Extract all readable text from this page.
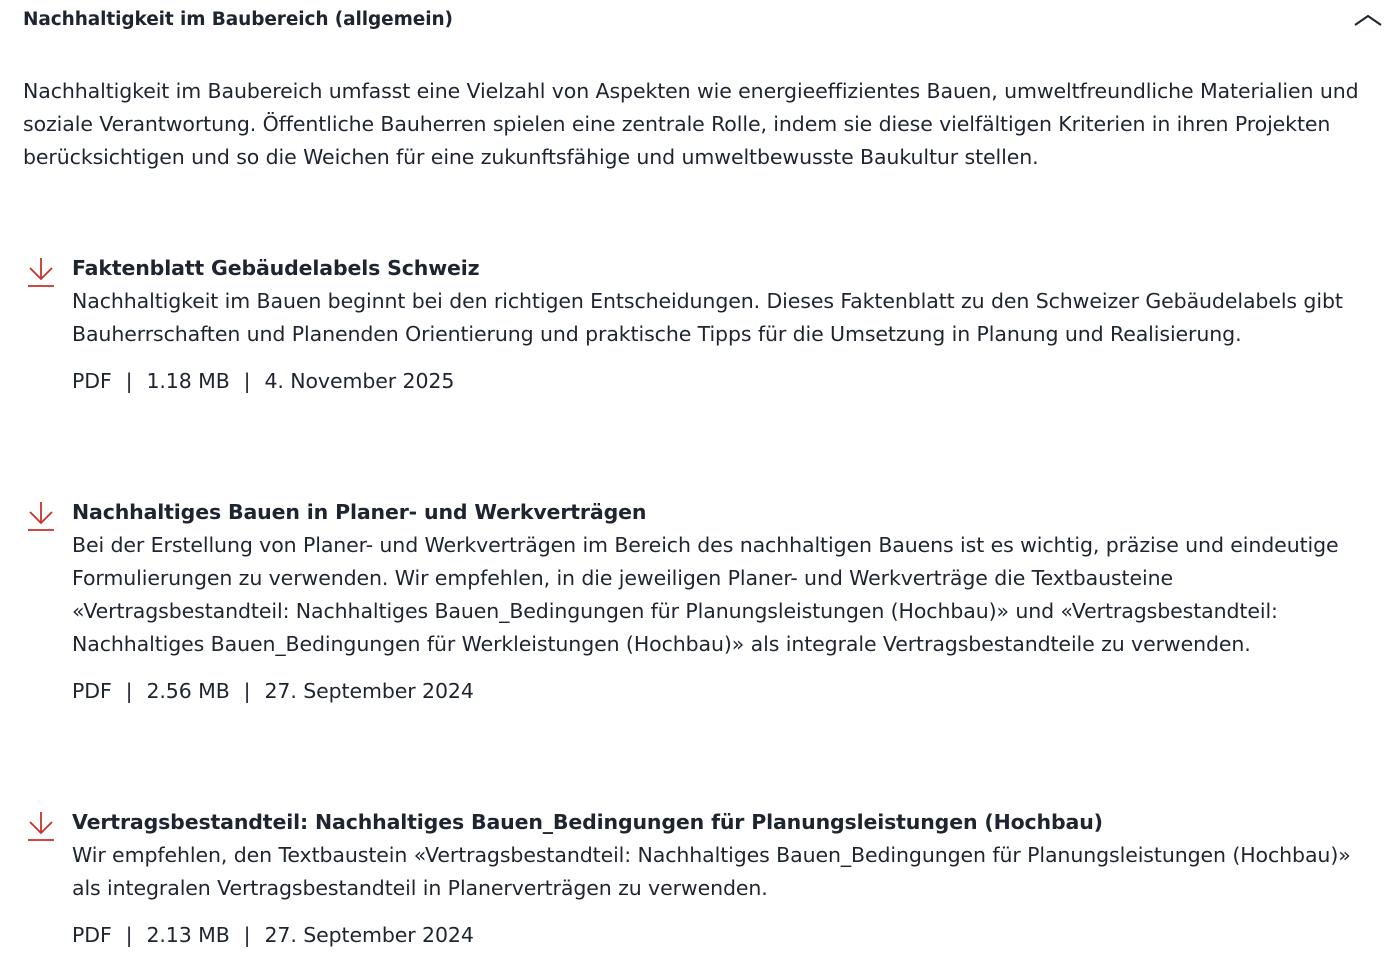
Nachhaltigkeit im Baubereich (allgemein)

Nachhaltigkeit im Baubereich umfasst eine Vielzahl von Aspekten wie energieeffizientes Bauen, umweltfreundliche Materialien und

soziale Verantwortung. Öffentliche Bauherren spielen eine zentrale Rolle, indem sie diese vielfältigen Kriterien in ihren Projekten

berücksichtigen und so die Weichen für eine zukunftsfähige und umweltbewusste Baukultur stellen.

Faktenblatt Gebäudelabels Schweiz

Nachhaltigkeit im Bauen beginnt bei den richtigen Entscheidungen. Dieses Faktenblatt zu den Schweizer Gebäudelabels gibt

Bauherrschaften und Planenden Orientierung und praktische Tipps für die Umsetzung in Planung und Realisierung.

PDF | 1.18 MB | 4. November 2025
Nachhaltiges Bauen in Planer- und Werkverträgen

Bei der Erstellung von Planer- und Werkverträgen im Bereich des nachhaltigen Bauens ist es wichtig, präzise und eindeutige

Formulierungen zu verwenden. Wir empfehlen, in die jeweiligen Planer- und Werkverträge die Textbausteine

«Vertragsbestandteil: Nachhaltiges Bauen_Bedingungen für Planungsleistungen (Hochbau)» und «Vertragsbestandteil:

Nachhaltiges Bauen_Bedingungen für Werkleistungen (Hochbau)» als integrale Vertragsbestandteile zu verwenden.

PDF | 2.56 MB | 27. September 2024
Vertragsbestandteil: Nachhaltiges Bauen_Bedingungen für Planungsleistungen (Hochbau)

Wir empfehlen, den Textbaustein «Vertragsbestandteil: Nachhaltiges Bauen_Bedingungen für Planungsleistungen (Hochbau)»

als integralen Vertragsbestandteil in Planerverträgen zu verwenden.

PDF | 2.13 MB | 27. September 2024
